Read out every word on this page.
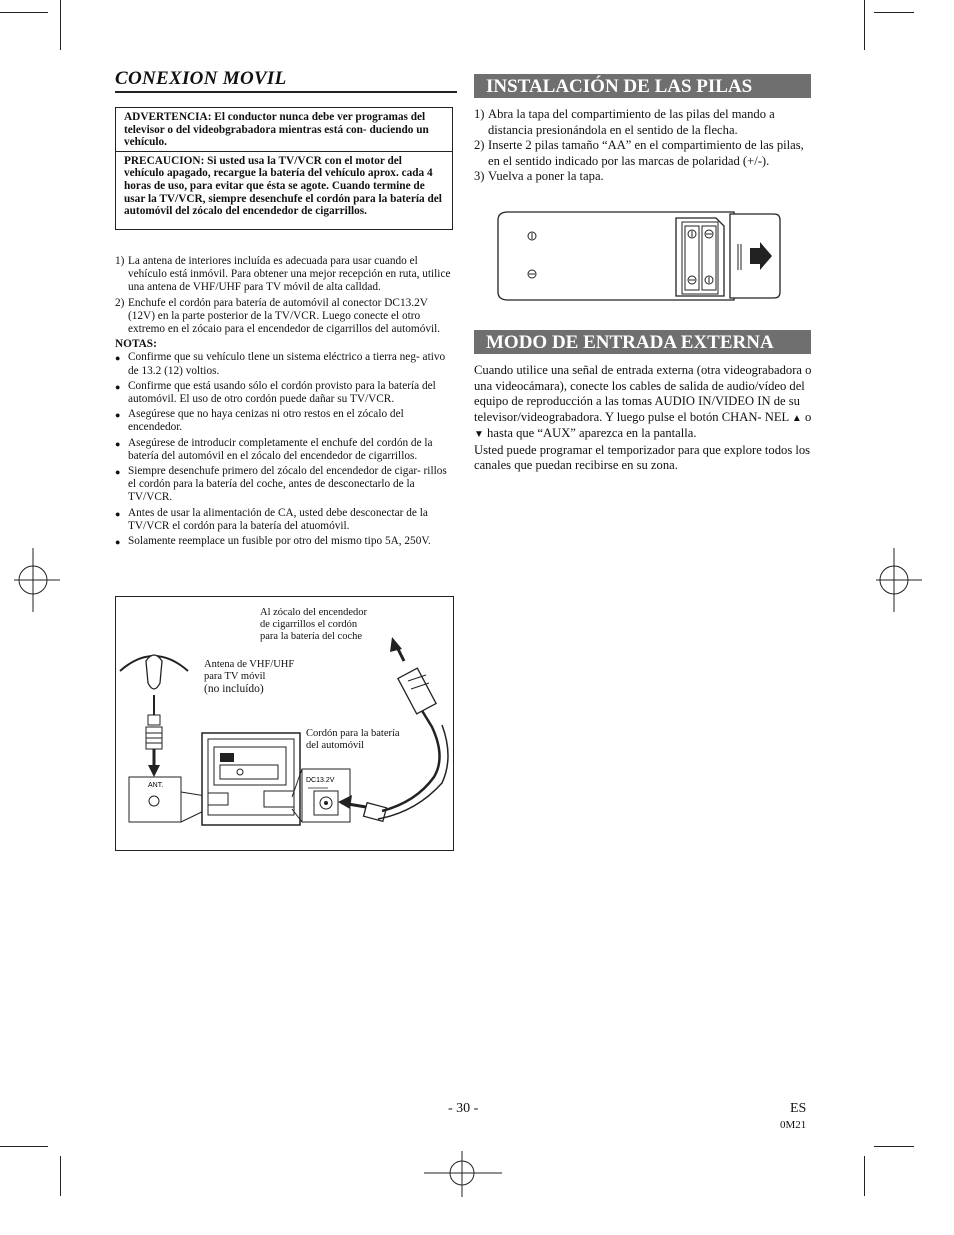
CONEXION MOVIL

ADVERTENCIA: El conductor nunca debe ver programas del televisor o del videobgrabadora mientras está con- duciendo un vehículo.

PRECAUCION: Si usted usa la TV/VCR con el motor del vehículo apagado, recargue la batería del vehículo aprox. cada 4 horas de uso, para evitar que ésta se agote. Cuando termine de usar la TV/VCR, siempre desenchufe el cordón para la batería del automóvil del zócalo del encendedor de cigarrillos.

1) La antena de interiores incluída es adecuada para usar cuando el vehículo está inmóvil. Para obtener una mejor recepción en ruta, utilice una antena de VHF/UHF para TV móvil de alta calldad.
2) Enchufe el cordón para batería de automóvil al conector DC13.2V (12V) en la parte posterior de la TV/VCR. Luego conecte el otro extremo en el zócaio para el encendedor de cigarrillos del automóvil.
NOTAS:
● Confirme que su vehículo tlene un sistema eléctrico a tierra neg- ativo de 13.2 (12) voltios.
● Confirme que está usando sólo el cordón provisto para la batería del automóvil. El uso de otro cordón puede dañar su TV/VCR.
● Asegúrese que no haya cenizas ni otro restos en el zócalo del encendedor.
● Asegúrese de introducir completamente el enchufe del cordón de la batería del automóvil en el zócalo del encendedor de cigarrillos.
● Siempre desenchufe primero del zócalo del encendedor de cigar- rillos el cordón para la batería del coche, antes de desconectarlo de la TV/VCR.
● Antes de usar la alimentación de CA, usted debe desconectar de la TV/VCR el cordón para la batería del atuomóvil.
● Solamente reemplace un fusible por otro del mismo tipo 5A, 250V.
Al zócalo del encendedor
de cigarrillos el cordón
para la batería del coche
Antena de VHF/UHF
para TV móvil
(no incluído)
Cordón para la batería
del automóvil
ANT.
DC13.2V
INSTALACIÓN DE LAS PILAS
1) Abra la tapa del compartimiento de las pilas del mando a distancia presionándola en el sentido de la flecha.
2) Inserte 2 pilas tamaño “AA” en el compartimiento de las pilas, en el sentido indicado por las marcas de polaridad (+/-).
3) Vuelva a poner la tapa.
MODO DE ENTRADA EXTERNA

Cuando utilice una señal de entrada externa (otra videograbadora o una videocámara), conecte los cables de salida de audio/vídeo del equipo de reproducción a las tomas AUDIO IN/VIDEO IN de su televisor/videograbadora. Y luego pulse el botón CHAN- NEL ▲ o ▼ hasta que “AUX” aparezca en la pantalla.

Usted puede programar el temporizador para que explore todos los canales que puedan recibirse en su zona.

- 30 -	ES
0M21
